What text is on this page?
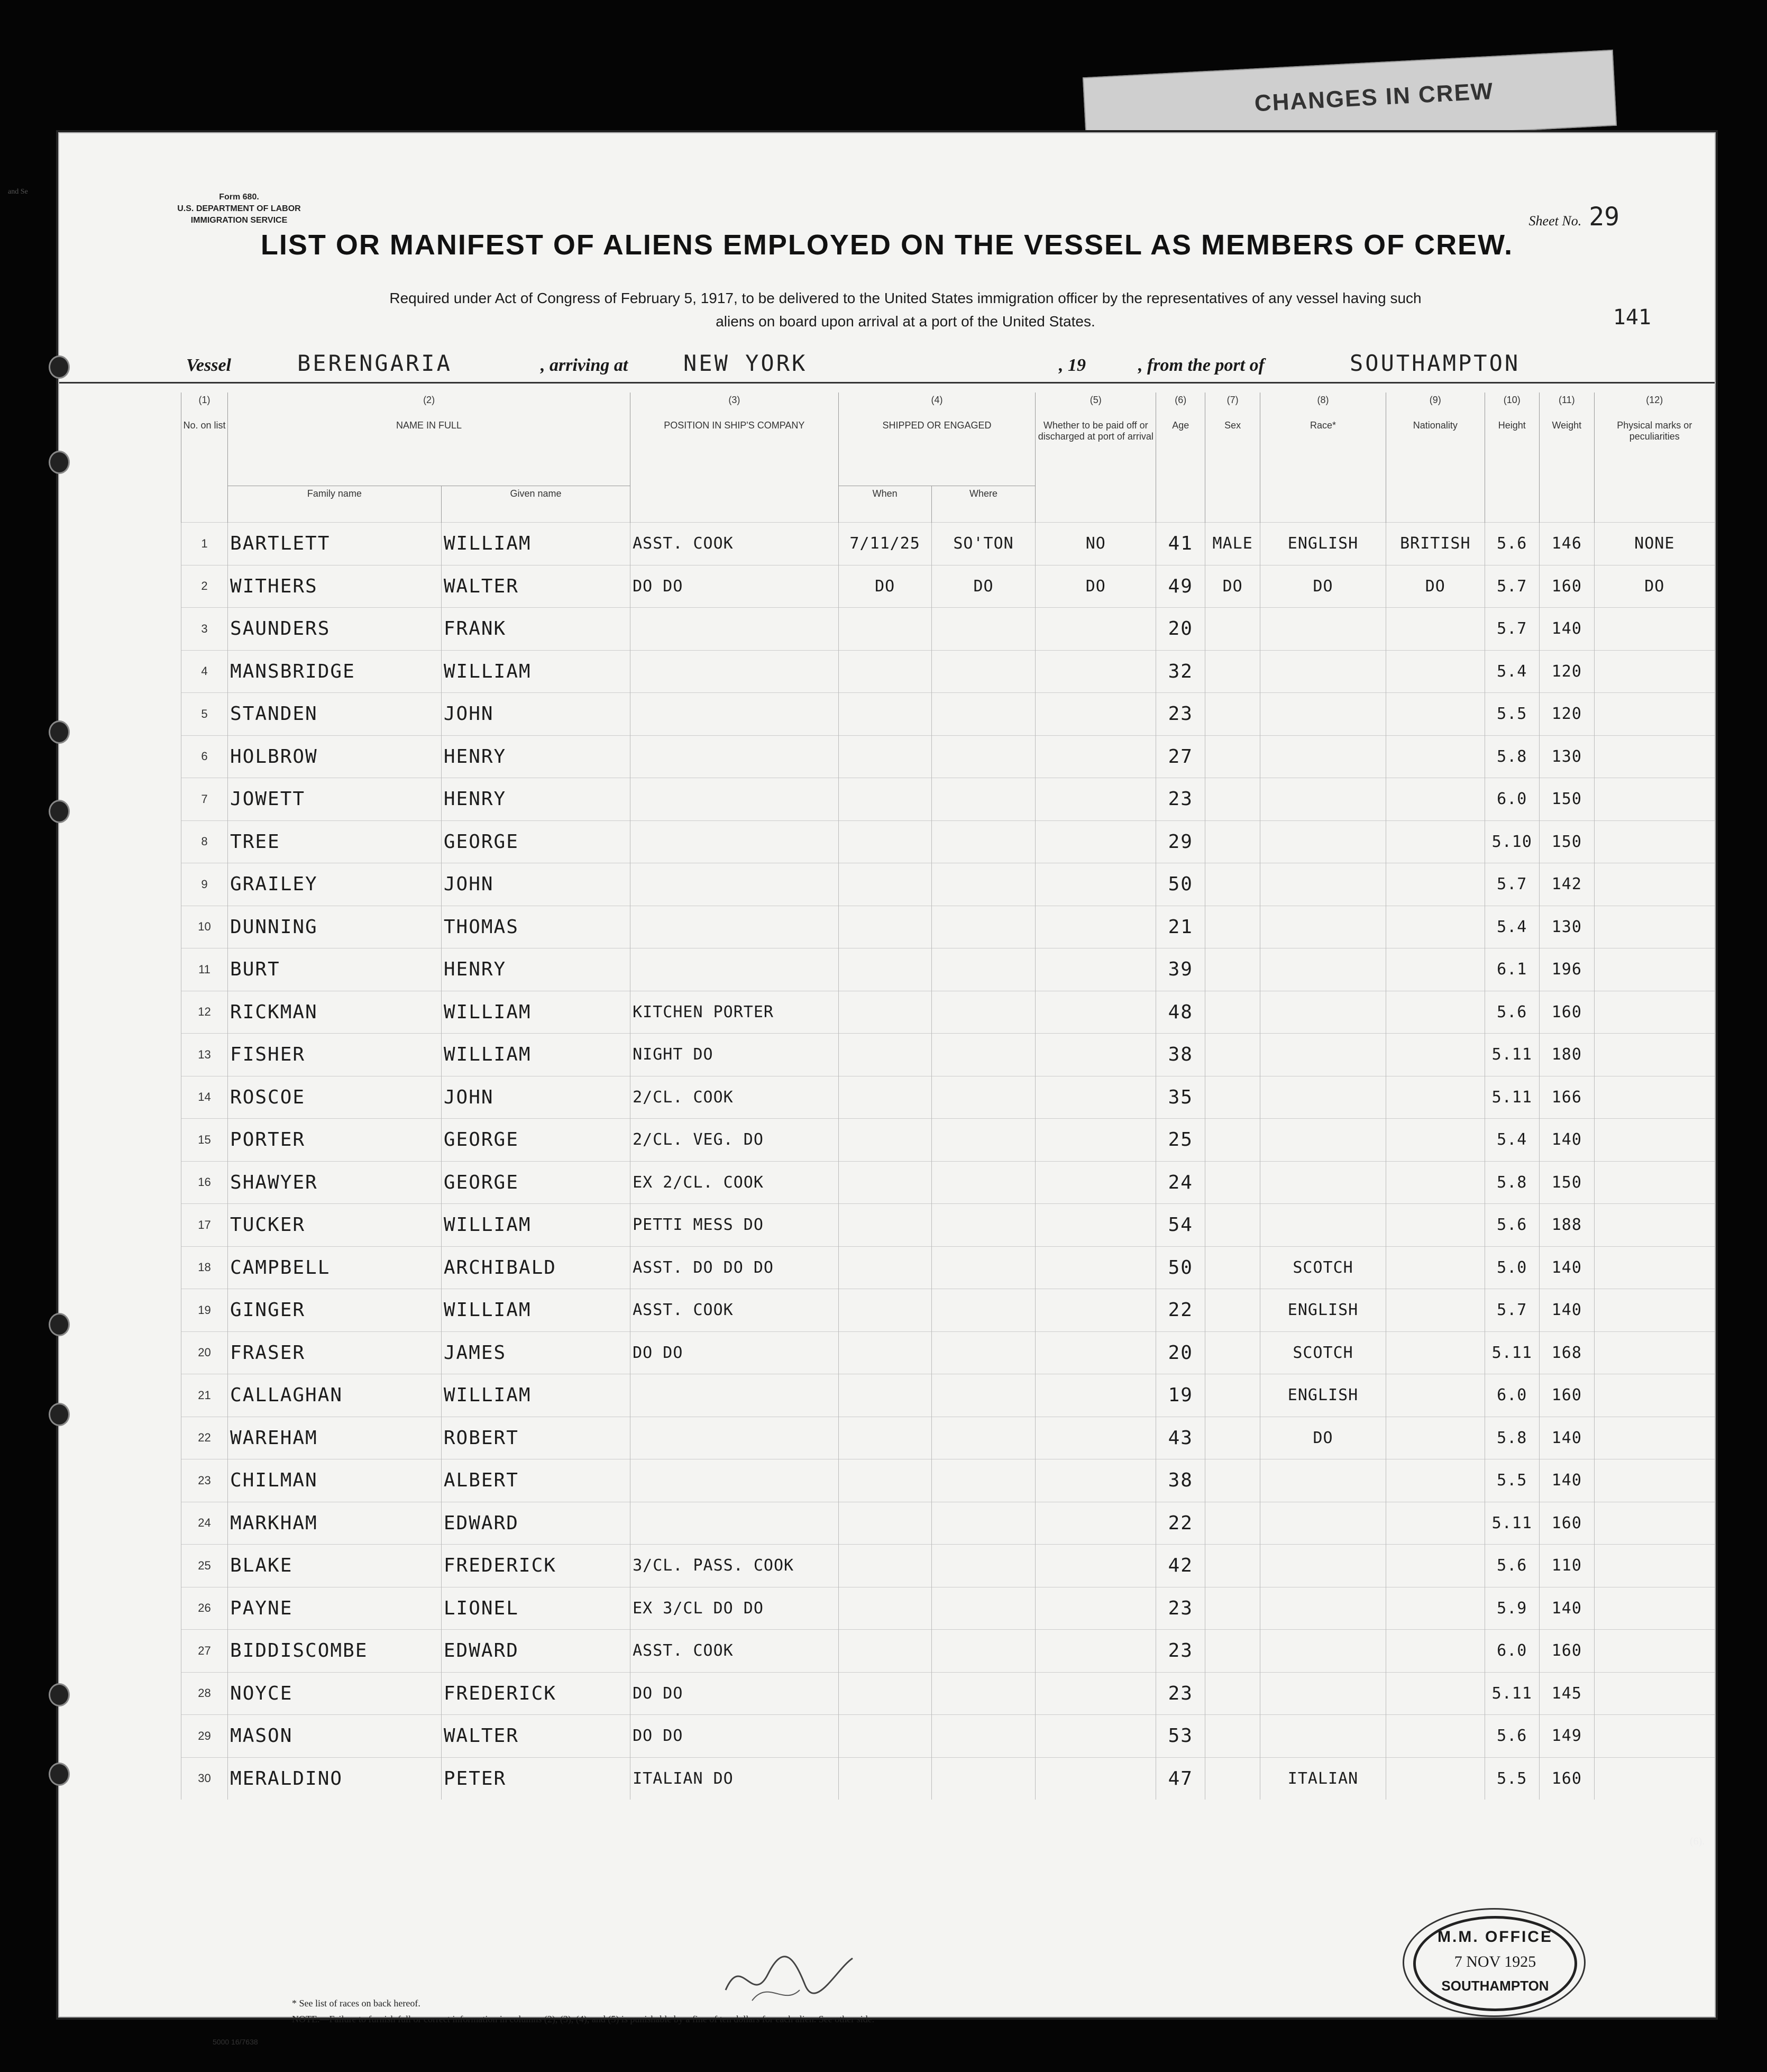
CHANGES IN CREW
and Se
Form 680.
U.S. DEPARTMENT OF LABOR
IMMIGRATION SERVICE	Sheet No. 29
LIST OR MANIFEST OF ALIENS EMPLOYED ON THE VESSEL AS MEMBERS OF CREW.
Required under Act of Congress of February 5, 1917, to be delivered to the United States immigration officer by the representatives of any vessel having such
aliens on board upon arrival at a port of the United States.	141
Vessel	BERENGARIA	, arriving at NEW YORK	, 19	, from the port of	SOUTHAMPTON
(1)	(2)		(3)	(4)		(5)	(6)	(7)	(8)	(9)	(10)	(11)	(12)
No. on list	NAME IN FULL		POSITION IN SHIP'S COMPANY	SHIPPED OR ENGAGED		Whether to be paid off or discharged at port of arrival	Age	Sex	Race*	Nationality	Height	Weight	Physical marks or peculiarities
	Family name	Given name		When	Where								
1	BARTLETT	WILLIAM	ASST. COOK	7/11/25	SO'TON	NO	41	MALE	ENGLISH	BRITISH	5.6	146	NONE
2	WITHERS	WALTER	DO DO	DO	DO	DO	49	DO	DO	DO	5.7	160	DO
3	SAUNDERS	FRANK					20				5.7	140	
4	MANSBRIDGE	WILLIAM					32				5.4	120	
5	STANDEN	JOHN					23				5.5	120	
6	HOLBROW	HENRY					27				5.8	130	
7	JOWETT	HENRY					23				6.0	150	
8	TREE	GEORGE					29				5.10	150	
9	GRAILEY	JOHN					50				5.7	142	
10	DUNNING	THOMAS					21				5.4	130	
11	BURT	HENRY					39				6.1	196	
12	RICKMAN	WILLIAM	KITCHEN PORTER				48				5.6	160	
13	FISHER	WILLIAM	NIGHT DO				38				5.11	180	
14	ROSCOE	JOHN	2/CL. COOK				35				5.11	166	
15	PORTER	GEORGE	2/CL. VEG. DO				25				5.4	140	
16	SHAWYER	GEORGE	EX 2/CL. COOK				24				5.8	150	
17	TUCKER	WILLIAM	PETTI MESS DO				54				5.6	188	
18	CAMPBELL	ARCHIBALD	ASST. DO DO DO				50		SCOTCH		5.0	140	
19	GINGER	WILLIAM	ASST. COOK				22		ENGLISH		5.7	140	
20	FRASER	JAMES	DO DO				20		SCOTCH		5.11	168	
21	CALLAGHAN	WILLIAM					19		ENGLISH		6.0	160	
22	WAREHAM	ROBERT					43		DO		5.8	140	
23	CHILMAN	ALBERT					38				5.5	140	
24	MARKHAM	EDWARD					22				5.11	160	
25	BLAKE	FREDERICK	3/CL. PASS. COOK				42				5.6	110	
26	PAYNE	LIONEL	EX 3/CL DO DO				23				5.9	140	
27	BIDDISCOMBE	EDWARD	ASST. COOK				23				6.0	160	
28	NOYCE	FREDERICK	DO DO				23				5.11	145	
29	MASON	WALTER	DO DO				53				5.6	149	
30	MERALDINO	PETER	ITALIAN DO				47		ITALIAN		5.5	160	
M.M. OFFICE
7 NOV 1925
SOUTHAMPTON
* See list of races on back hereof.
NOTE.—Failure to furnish full or correct information in columns (2), (3), (4), and (5) is punishable by a fine of ten dollars for each alien. See other side.
5000 16/7638
(6).
